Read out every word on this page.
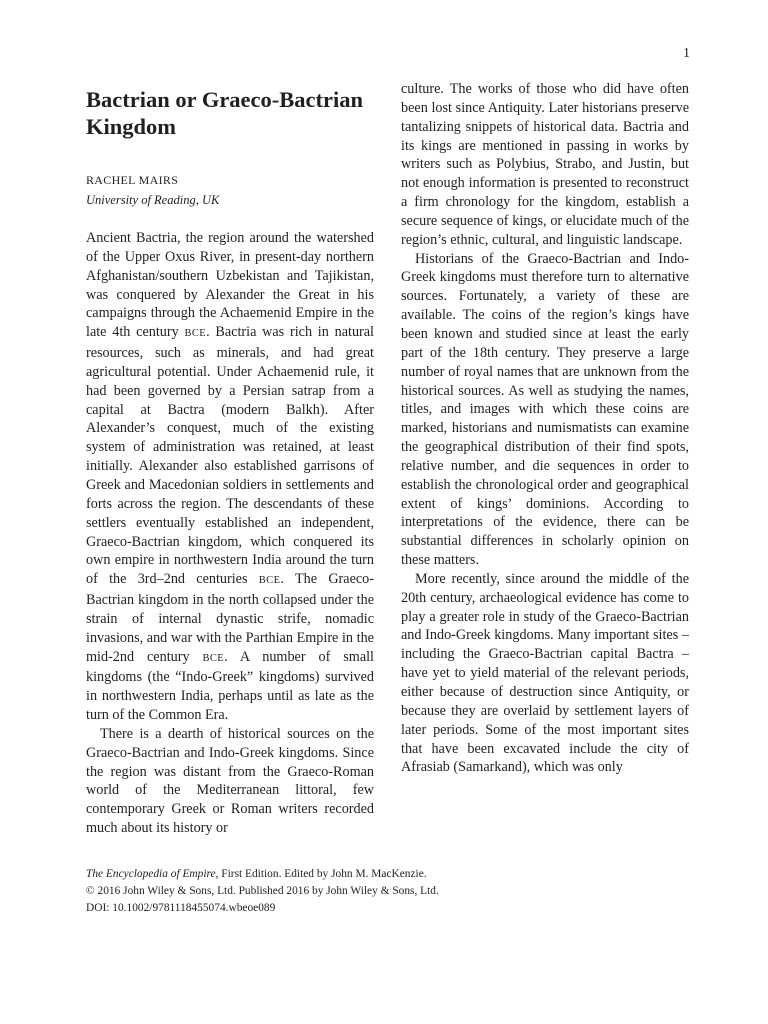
1
Bactrian or Graeco-Bactrian Kingdom
RACHEL MAIRS
University of Reading, UK

Ancient Bactria, the region around the watershed of the Upper Oxus River, in present-day northern Afghanistan/southern Uzbekistan and Tajikistan, was conquered by Alexander the Great in his campaigns through the Achaemenid Empire in the late 4th century BCE. Bactria was rich in natural resources, such as minerals, and had great agricultural potential. Under Achaemenid rule, it had been governed by a Persian satrap from a capital at Bactra (modern Balkh). After Alexander’s conquest, much of the existing system of administration was retained, at least initially. Alexander also established garrisons of Greek and Macedonian soldiers in settlements and forts across the region. The descendants of these settlers eventually established an independent, Graeco-Bactrian kingdom, which conquered its own empire in northwestern India around the turn of the 3rd–2nd centuries BCE. The Graeco-Bactrian kingdom in the north collapsed under the strain of internal dynastic strife, nomadic invasions, and war with the Parthian Empire in the mid-2nd century BCE. A number of small kingdoms (the “Indo-Greek” kingdoms) survived in northwestern India, perhaps until as late as the turn of the Common Era.

There is a dearth of historical sources on the Graeco-Bactrian and Indo-Greek kingdoms. Since the region was distant from the Graeco-Roman world of the Mediterranean littoral, few contemporary Greek or Roman writers recorded much about its history or

culture. The works of those who did have often been lost since Antiquity. Later historians preserve tantalizing snippets of historical data. Bactria and its kings are mentioned in passing in works by writers such as Polybius, Strabo, and Justin, but not enough information is presented to reconstruct a firm chronology for the kingdom, establish a secure sequence of kings, or elucidate much of the region’s ethnic, cultural, and linguistic landscape.

Historians of the Graeco-Bactrian and Indo-Greek kingdoms must therefore turn to alternative sources. Fortunately, a variety of these are available. The coins of the region’s kings have been known and studied since at least the early part of the 18th century. They preserve a large number of royal names that are unknown from the historical sources. As well as studying the names, titles, and images with which these coins are marked, historians and numismatists can examine the geographical distribution of their find spots, relative number, and die sequences in order to establish the chronological order and geographical extent of kings’ dominions. According to interpretations of the evidence, there can be substantial differences in scholarly opinion on these matters.

More recently, since around the middle of the 20th century, archaeological evidence has come to play a greater role in study of the Graeco-Bactrian and Indo-Greek kingdoms. Many important sites – including the Graeco-Bactrian capital Bactra – have yet to yield material of the relevant periods, either because of destruction since Antiquity, or because they are overlaid by settlement layers of later periods. Some of the most important sites that have been excavated include the city of Afrasiab (Samarkand), which was only

The Encyclopedia of Empire, First Edition. Edited by John M. MacKenzie.
© 2016 John Wiley & Sons, Ltd. Published 2016 by John Wiley & Sons, Ltd.
DOI: 10.1002/9781118455074.wbeoe089
